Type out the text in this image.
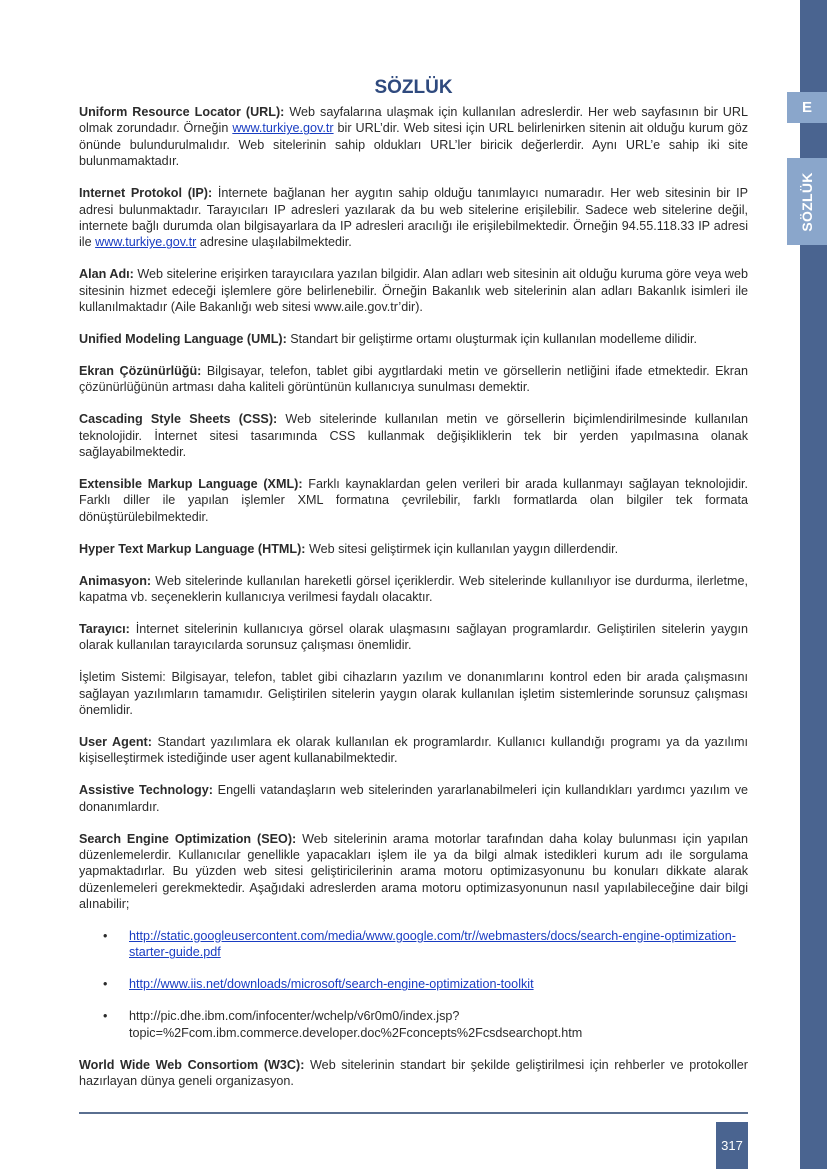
E
SÖZLÜK
SÖZLÜK

Uniform Resource Locator (URL): Web sayfalarına ulaşmak için kullanılan adreslerdir. Her web sayfasının bir URL olmak zorundadır. Örneğin www.turkiye.gov.tr bir URL’dir. Web sitesi için URL belirlenirken sitenin ait olduğu kurum göz önünde bulundurulmalıdır. Web sitelerinin sahip oldukları URL’ler biricik değerlerdir. Aynı URL’e sahip iki site bulunmamaktadır.

Internet Protokol (IP): İnternete bağlanan her aygıtın sahip olduğu tanımlayıcı numaradır. Her web sitesinin bir IP adresi bulunmaktadır. Tarayıcıları IP adresleri yazılarak da bu web sitelerine erişilebilir. Sadece web sitelerine değil, internete bağlı durumda olan bilgisayarlara da IP adresleri aracılığı ile erişilebilmektedir. Örneğin 94.55.118.33 IP adresi ile www.turkiye.gov.tr adresine ulaşılabilmektedir.

Alan Adı: Web sitelerine erişirken tarayıcılara yazılan bilgidir. Alan adları web sitesinin ait olduğu kuruma göre veya web sitesinin hizmet edeceği işlemlere göre belirlenebilir. Örneğin Bakanlık web sitelerinin alan adları Bakanlık isimleri ile kullanılmaktadır (Aile Bakanlığı web sitesi www.aile.gov.tr’dir).

Unified Modeling Language (UML): Standart bir geliştirme ortamı oluşturmak için kullanılan modelleme dilidir.

Ekran Çözünürlüğü: Bilgisayar, telefon, tablet gibi aygıtlardaki metin ve görsellerin netliğini ifade etmektedir. Ekran çözünürlüğünün artması daha kaliteli görüntünün kullanıcıya sunulması demektir.

Cascading Style Sheets (CSS): Web sitelerinde kullanılan metin ve görsellerin biçimlendirilmesinde kullanılan teknolojidir. İnternet sitesi tasarımında CSS kullanmak değişikliklerin tek bir yerden yapılmasına olanak sağlayabilmektedir.

Extensible Markup Language (XML): Farklı kaynaklardan gelen verileri bir arada kullanmayı sağlayan teknolojidir. Farklı diller ile yapılan işlemler XML formatına çevrilebilir, farklı formatlarda olan bilgiler tek formata dönüştürülebilmektedir.

Hyper Text Markup Language (HTML): Web sitesi geliştirmek için kullanılan yaygın dillerdendir.

Animasyon: Web sitelerinde kullanılan hareketli görsel içeriklerdir. Web sitelerinde kullanılıyor ise durdurma, ilerletme, kapatma vb. seçeneklerin kullanıcıya verilmesi faydalı olacaktır.

Tarayıcı: İnternet sitelerinin kullanıcıya görsel olarak ulaşmasını sağlayan programlardır. Geliştirilen sitelerin yaygın olarak kullanılan tarayıcılarda sorunsuz çalışması önemlidir.

İşletim Sistemi: Bilgisayar, telefon, tablet gibi cihazların yazılım ve donanımlarını kontrol eden bir arada çalışmasını sağlayan yazılımların tamamıdır. Geliştirilen sitelerin yaygın olarak kullanılan işletim sistemlerinde sorunsuz çalışması önemlidir.

User Agent: Standart yazılımlara ek olarak kullanılan ek programlardır. Kullanıcı kullandığı programı ya da yazılımı kişiselleştirmek istediğinde user agent kullanabilmektedir.

Assistive Technology: Engelli vatandaşların web sitelerinden yararlanabilmeleri için kullandıkları yardımcı yazılım ve donanımlardır.

Search Engine Optimization (SEO): Web sitelerinin arama motorlar tarafından daha kolay bulunması için yapılan düzenlemelerdir. Kullanıcılar genellikle yapacakları işlem ile ya da bilgi almak istedikleri kurum adı ile sorgulama yapmaktadırlar. Bu yüzden web sitesi geliştiricilerinin arama motoru optimizasyonunu bu konuları dikkate alarak düzenlemeleri gerekmektedir. Aşağıdaki adreslerden arama motoru optimizasyonunun nasıl yapılabileceğine dair bilgi alınabilir;

• http://static.googleusercontent.com/media/www.google.com/tr//webmasters/docs/search-engine-optimization-starter-guide.pdf
• http://www.iis.net/downloads/microsoft/search-engine-optimization-toolkit
• http://pic.dhe.ibm.com/infocenter/wchelp/v6r0m0/index.jsp?topic=%2Fcom.ibm.commerce.developer.doc%2Fconcepts%2Fcsdsearchopt.htm

World Wide Web Consortiom (W3C): Web sitelerinin standart bir şekilde geliştirilmesi için rehberler ve protokoller hazırlayan dünya geneli organizasyon.

317
